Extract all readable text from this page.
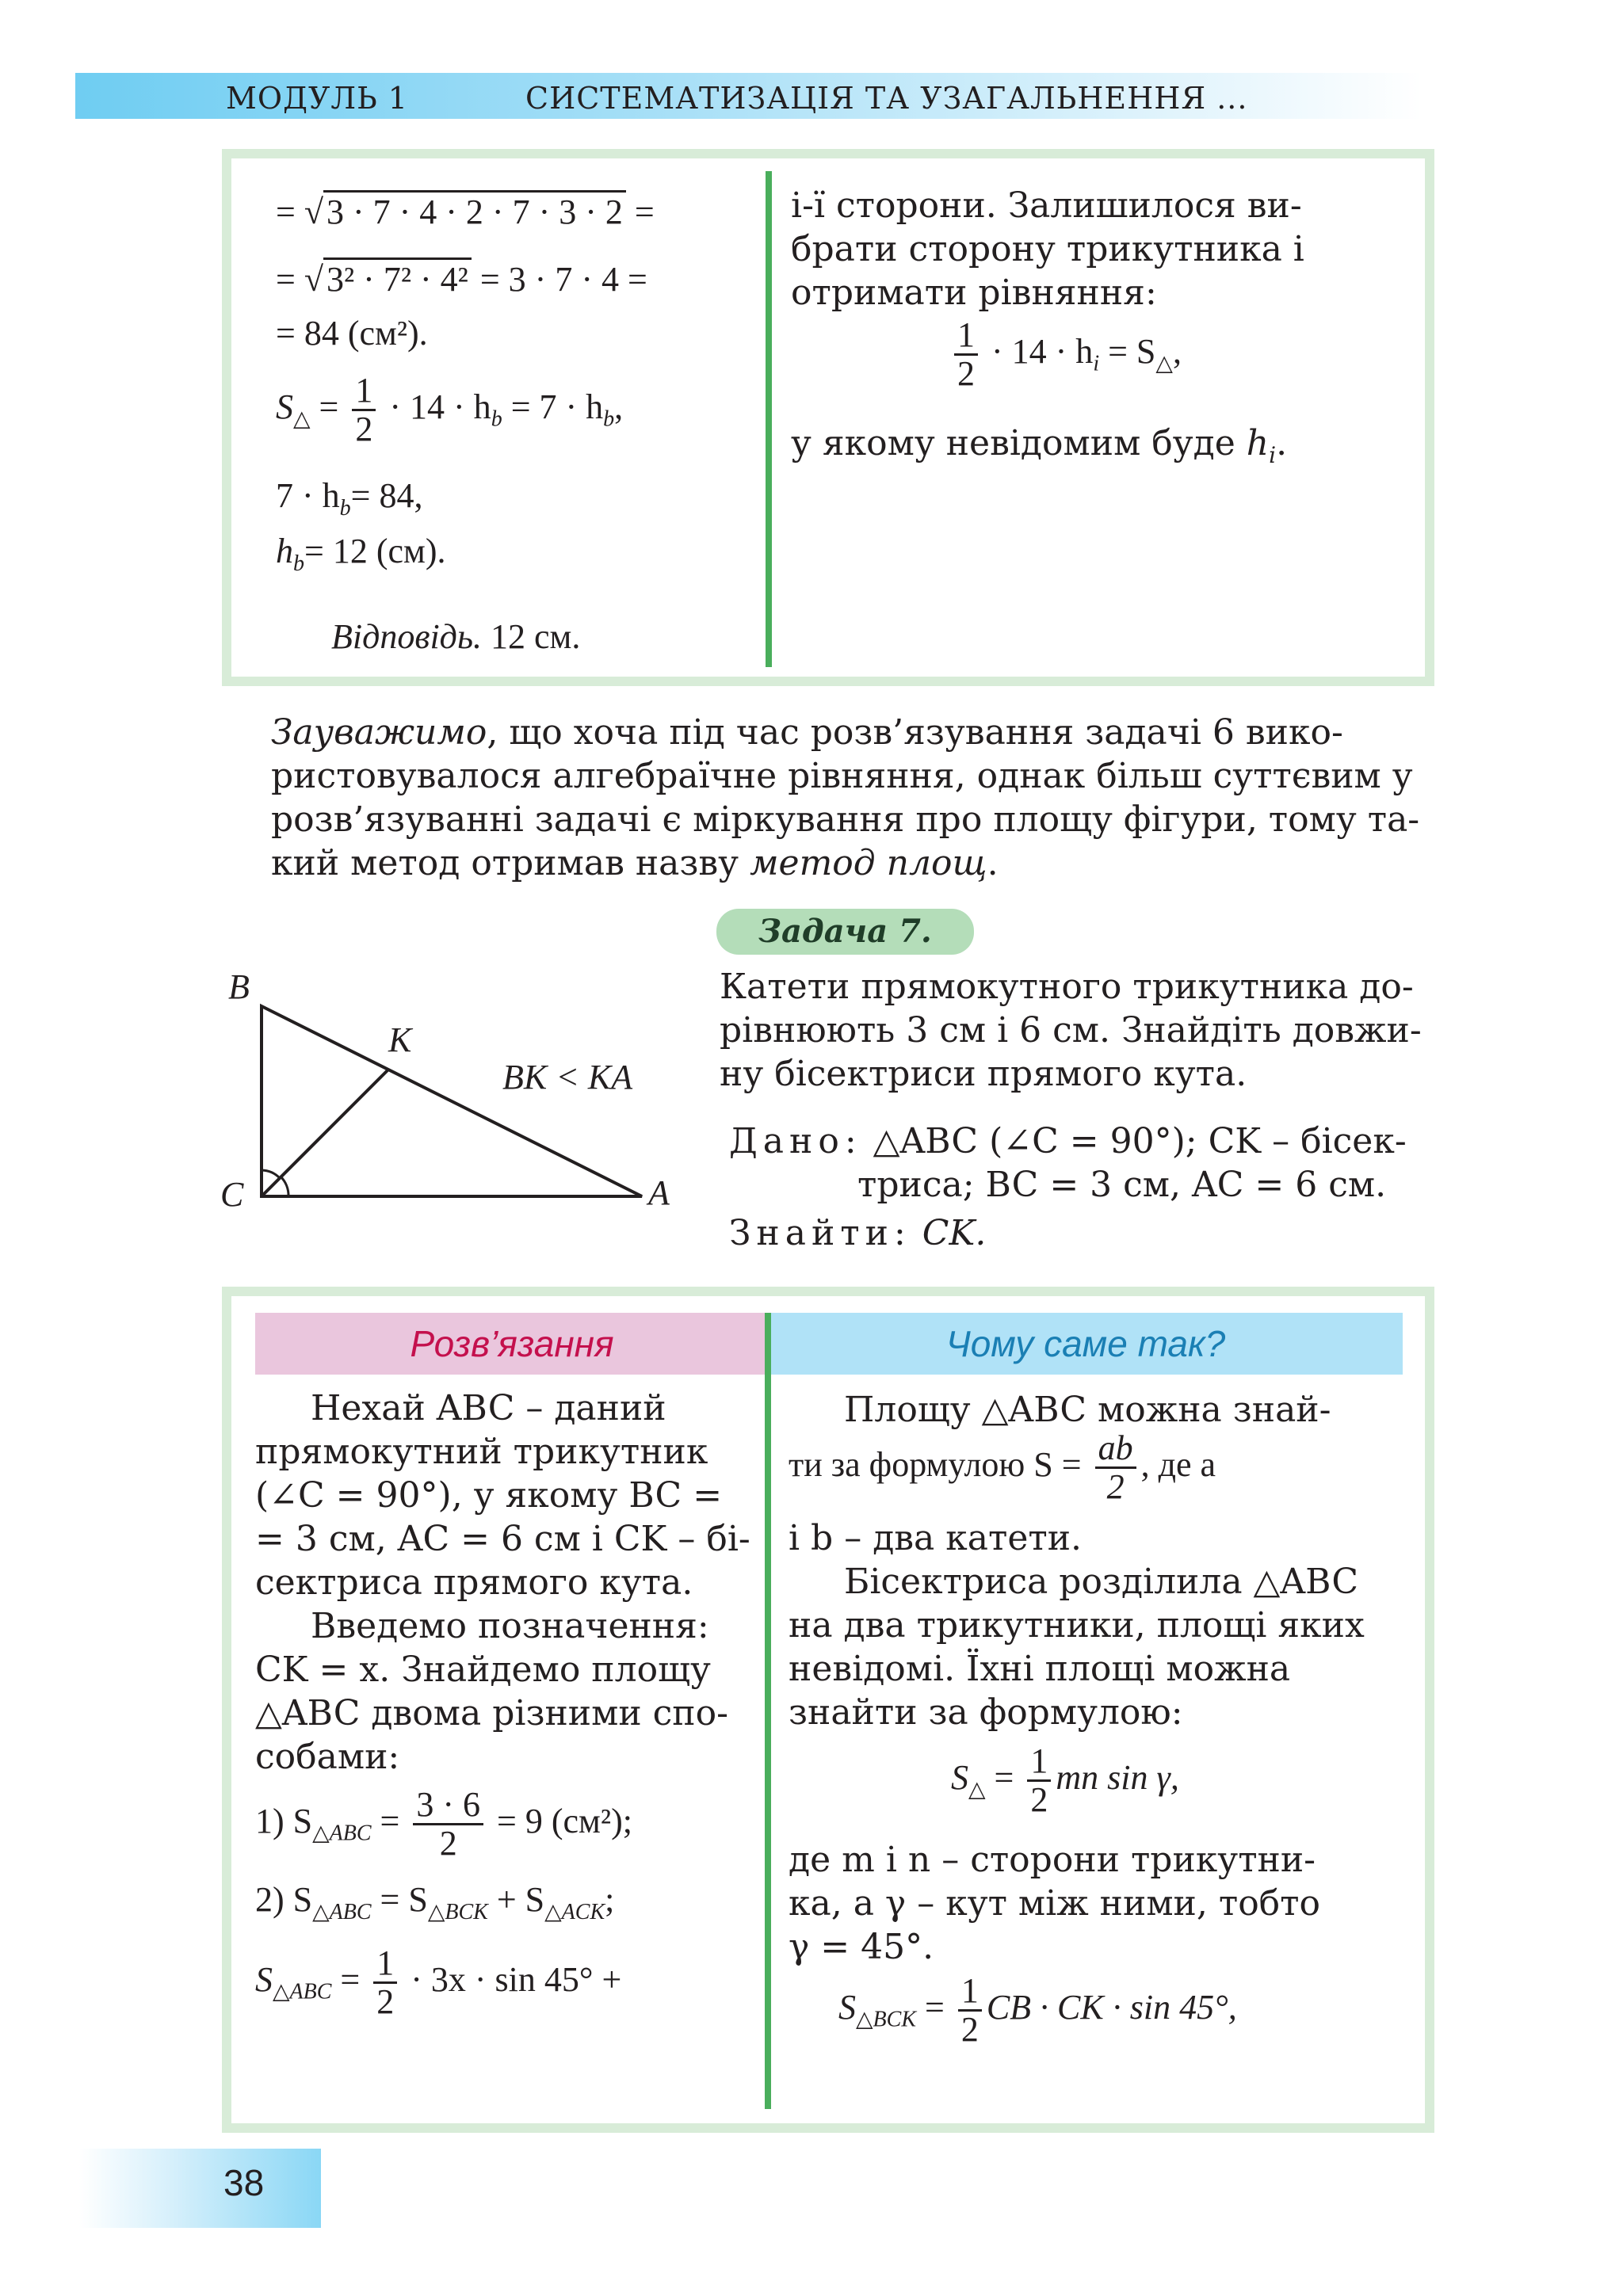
МОДУЛЬ 1	СИСТЕМАТИЗАЦІЯ ТА УЗАГАЛЬНЕННЯ ...
= √3 · 7 · 4 · 2 · 7 · 3 · 2 =
= √3² · 7² · 4² = 3 · 7 · 4 =
= 84 (см²).
$S_\triangle = \frac{1}{2} \cdot 14 \cdot h_b = 7 \cdot h_b$,
$7 \cdot h_b= 84$,
$h_b= 12$ (см).
Відповідь. 12 см.
і-ї сторони. Залишилося ви-
брати сторону трикутника і
отримати рівняння:
$\frac{1}{2} \cdot 14 \cdot h_i = S_\triangle$,
у якому невідомим буде $h_i$.
Зауважимо, що хоча під час розв’язування задачі 6 вико-
ристовувалося алгебраїчне рівняння, однак більш суттєвим у
розв’язуванні задачі є міркування про площу фігури, тому та-
кий метод отримав назву метод площ.
B
K
C	A
BK < KA
Задача 7.
Катети прямокутного трикутника до-
рівнюють 3 см і 6 см. Знайдіть довжи-
ну бісектриси прямого кута.
Дано: △ABC (∠C = 90°); CK – бісек-
триса; BC = 3 см, AC = 6 см.
Знайти: CK.
Розв’язання	Чому саме так?
Нехай ABC – даний
прямокутний трикутник
(∠C = 90°), у якому BC =
= 3 см, AC = 6 см і CK – бі-
сектриса прямого кута.
Введемо позначення:
CK = x. Знайдемо площу
△ABC двома різними спо-
собами:
1) $S_{\triangle ABC} = \frac{3 \cdot 6}{2} = 9$ (см²);
2) $S_{\triangle ABC} = S_{\triangle BCK} + S_{\triangle ACK}$;
$S_{\triangle ABC} = \frac{1}{2} \cdot 3x \cdot \sin 45^\circ$ +
Площу △ABC можна знай-
ти за формулою $S = \frac{ab}{2}$ , де a
і b – два катети.
Бісектриса розділила △ABC
на два трикутники, площі яких
невідомі. Їхні площі можна
знайти за формулою:
$S_\triangle = \frac{1}{2}$ mn sin γ,
де m і n – сторони трикутни-
ка, а γ – кут між ними, тобто
γ = 45°.
$S_{\triangle BCK} = \frac{1}{2}$ CB · CK · sin 45°,
38
